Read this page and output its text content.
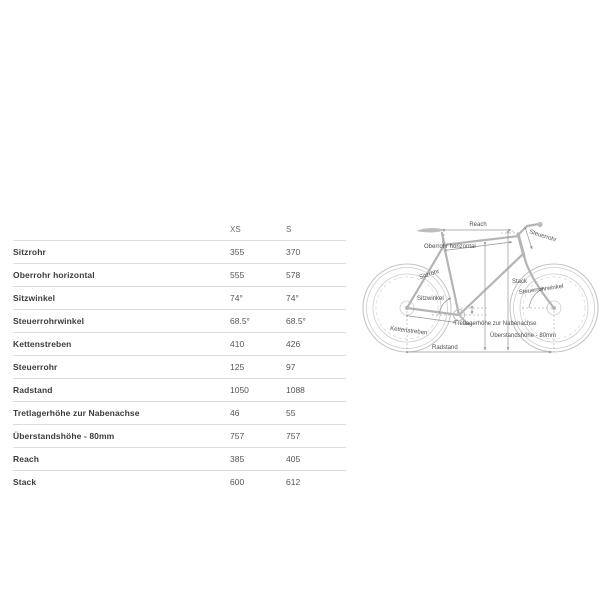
	XS	S
Sitzrohr	355	370
Oberrohr horizontal	555	578
Sitzwinkel	74°	74°
Steuerrohrwinkel	68.5°	68.5°
Kettenstreben	410	426
Steuerrohr	125	97
Radstand	1050	1088
Tretlagerhöhe zur Nabenachse	46	55
Überstandshöhe - 80mm	757	757
Reach	385	405
Stack	600	612
Reach
Oberrohr horizontal
Steuerrohr
Sitzrohr
Sitzwinkel
Stack
Steuerrohrwinkel
Kettenstreben
Tretlagerhöhe zur Nabenachse
Überstandshöhe - 80mm
Radstand
